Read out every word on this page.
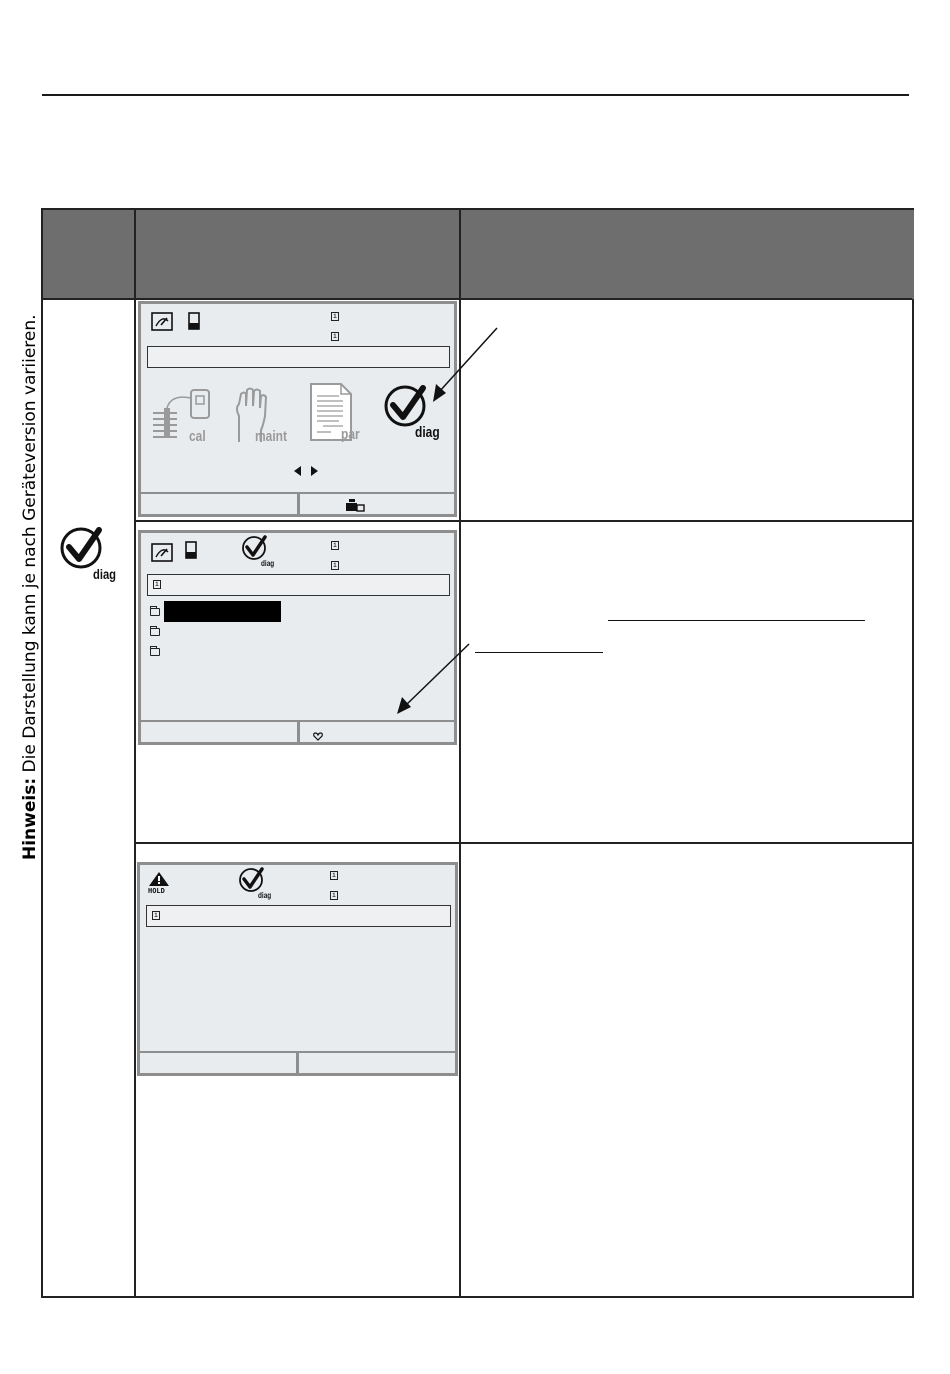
Hinweis: Die Darstellung kann je nach Geräteversion variieren.	diag
i
i
cal	maint	par	diag
diag
i
i
i
HOLD	diag
i
i
i
